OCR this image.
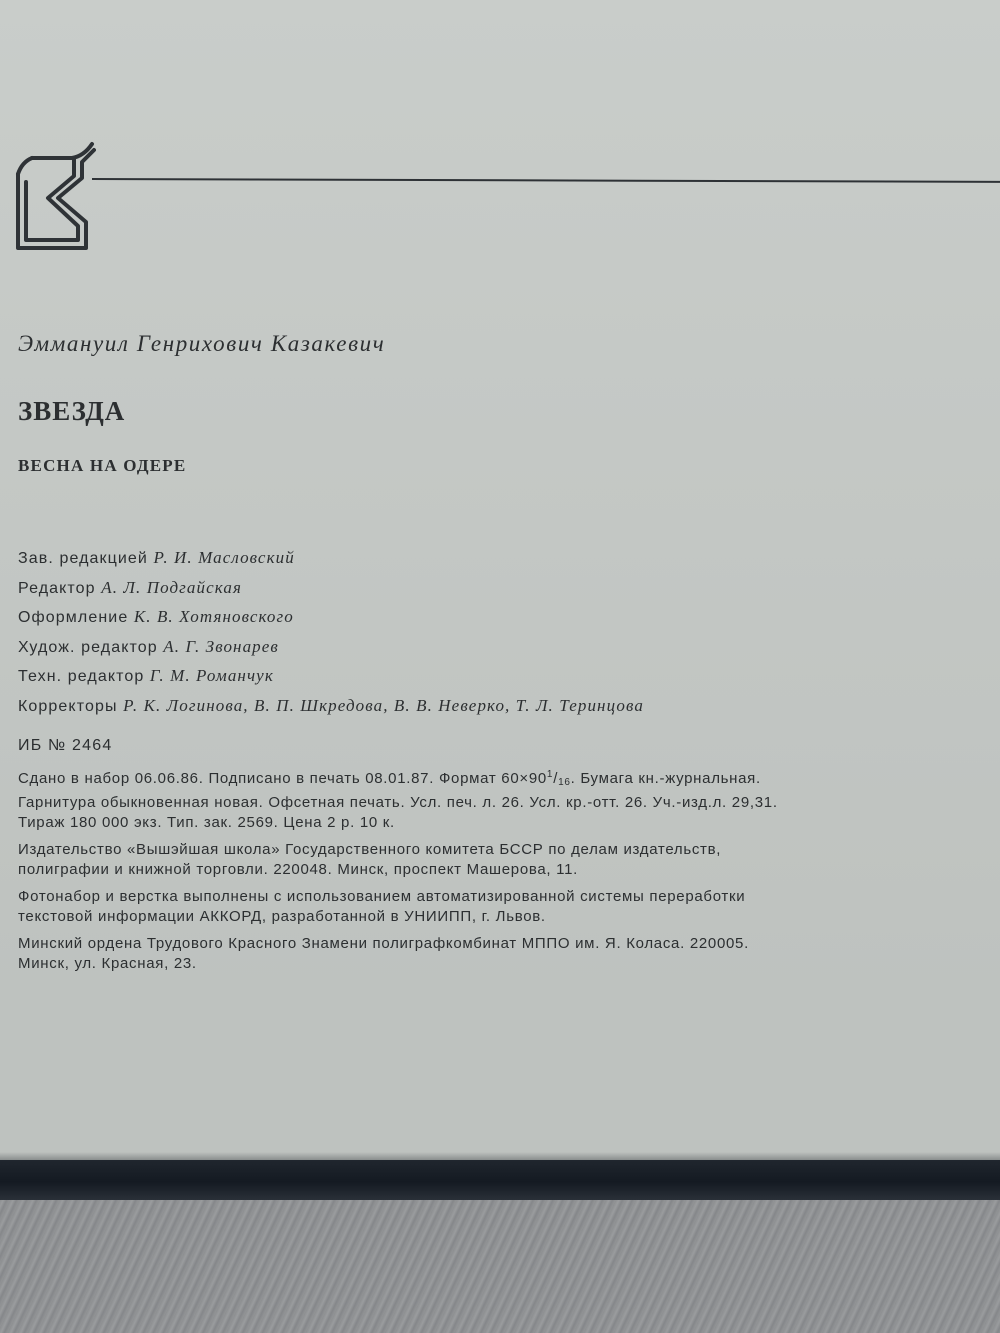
Эммануил Генрихович Казакевич
ЗВЕЗДА
ВЕСНА НА ОДЕРЕ
Зав. редакцией Р. И. Масловский
Редактор А. Л. Подгайская
Оформление К. В. Хотяновского
Худож. редактор А. Г. Звонарев
Техн. редактор Г. М. Романчук
Корректоры Р. К. Логинова, В. П. Шкредова, В. В. Неверко, Т. Л. Теринцова
ИБ № 2464
Сдано в набор 06.06.86. Подписано в печать 08.01.87. Формат $60\times 90^1/_{16}$. Бумага кн.-журнальная.
Гарнитура обыкновенная новая. Офсетная печать. Усл. печ. л. 26. Усл. кр.-отт. 26. Уч.-изд.л. 29,31.
Тираж 180 000 экз. Тип. зак. 2569. Цена 2 р. 10 к.
Издательство «Вышэйшая школа» Государственного комитета БССР по делам издательств,
полиграфии и книжной торговли. 220048. Минск, проспект Машерова, 11.
Фотонабор и верстка выполнены с использованием автоматизированной системы переработки
текстовой информации АККОРД, разработанной в УНИИПП, г. Львов.
Минский ордена Трудового Красного Знамени полиграфкомбинат МППО им. Я. Коласа. 220005.
Минск, ул. Красная, 23.
